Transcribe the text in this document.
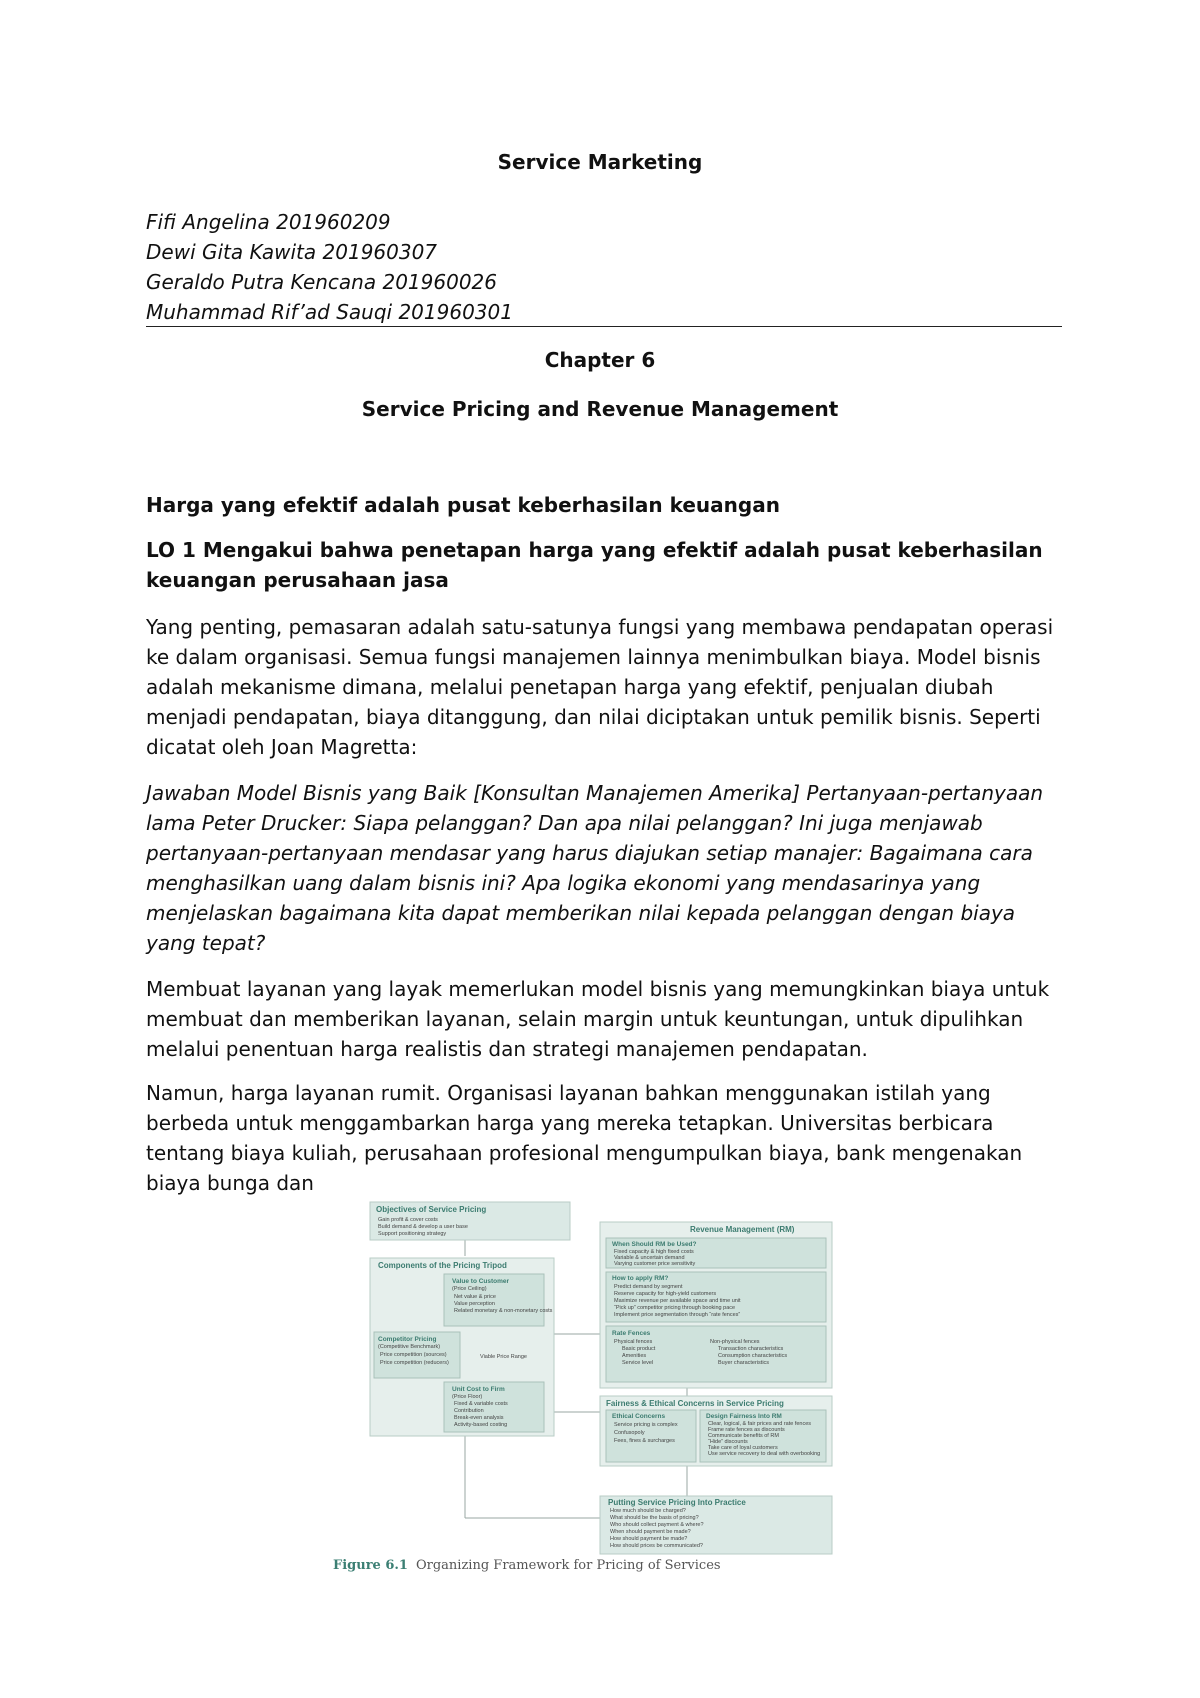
Service Marketing
Fifi Angelina 201960209
Dewi Gita Kawita 201960307
Geraldo Putra Kencana 201960026
Muhammad Rif’ad Sauqi 201960301
Chapter 6
Service Pricing and Revenue Management
Harga yang efektif adalah pusat keberhasilan keuangan
LO 1 Mengakui bahwa penetapan harga yang efektif adalah pusat keberhasilan keuangan perusahaan jasa
Yang penting, pemasaran adalah satu-satunya fungsi yang membawa pendapatan operasi ke dalam organisasi. Semua fungsi manajemen lainnya menimbulkan biaya. Model bisnis adalah mekanisme dimana, melalui penetapan harga yang efektif, penjualan diubah menjadi pendapatan, biaya ditanggung, dan nilai diciptakan untuk pemilik bisnis. Seperti dicatat oleh Joan Magretta:
Jawaban Model Bisnis yang Baik [Konsultan Manajemen Amerika] Pertanyaan-pertanyaan lama Peter Drucker: Siapa pelanggan? Dan apa nilai pelanggan? Ini juga menjawab pertanyaan-pertanyaan mendasar yang harus diajukan setiap manajer: Bagaimana cara menghasilkan uang dalam bisnis ini? Apa logika ekonomi yang mendasarinya yang menjelaskan bagaimana kita dapat memberikan nilai kepada pelanggan dengan biaya yang tepat?
Membuat layanan yang layak memerlukan model bisnis yang memungkinkan biaya untuk membuat dan memberikan layanan, selain margin untuk keuntungan, untuk dipulihkan melalui penentuan harga realistis dan strategi manajemen pendapatan.
Namun, harga layanan rumit. Organisasi layanan bahkan menggunakan istilah yang berbeda untuk menggambarkan harga yang mereka tetapkan. Universitas berbicara tentang biaya kuliah, perusahaan profesional mengumpulkan biaya, bank mengenakan biaya bunga dan
Objectives of Service Pricing
Gain profit & cover costs
Build demand & develop a user base
Support positioning strategy
Components of the Pricing Tripod
Value to Customer
(Price Ceiling)
Net value & price
Value perception
Related monetary & non-monetary costs
Competitor Pricing
(Competitive Benchmark)
Price competition (sources)
Price competition (reducers)
Viable Price Range
Unit Cost to Firm
(Price Floor)
Fixed & variable costs
Contribution
Break-even analysis
Activity-based costing
Revenue Management (RM)
When Should RM be Used?
Fixed capacity & high fixed costs
Variable & uncertain demand
Varying customer price sensitivity
How to apply RM?
Predict demand by segment
Reserve capacity for high-yield customers
Maximize revenue per available space and time unit
“Pick up” competitor pricing through booking pace
Implement price segmentation through “rate fences”
Rate Fences
Physical fences
Basic product
Amenities
Service level
Non-physical fences
Transaction characteristics
Consumption characteristics
Buyer characteristics
Fairness & Ethical Concerns in Service Pricing
Ethical Concerns
Service pricing is complex
Confusopoly
Fees, fines & surcharges
Design Fairness Into RM
Clear, logical, & fair prices and rate fences
Frame rate fences as discounts
Communicate benefits of RM
“Hide” discounts
Take care of loyal customers
Use service recovery to deal with overbooking
Putting Service Pricing Into Practice
How much should be charged?
What should be the basis of pricing?
Who should collect payment & where?
When should payment be made?
How should payment be made?
How should prices be communicated?
Figure 6.1 Organizing Framework for Pricing of Services
